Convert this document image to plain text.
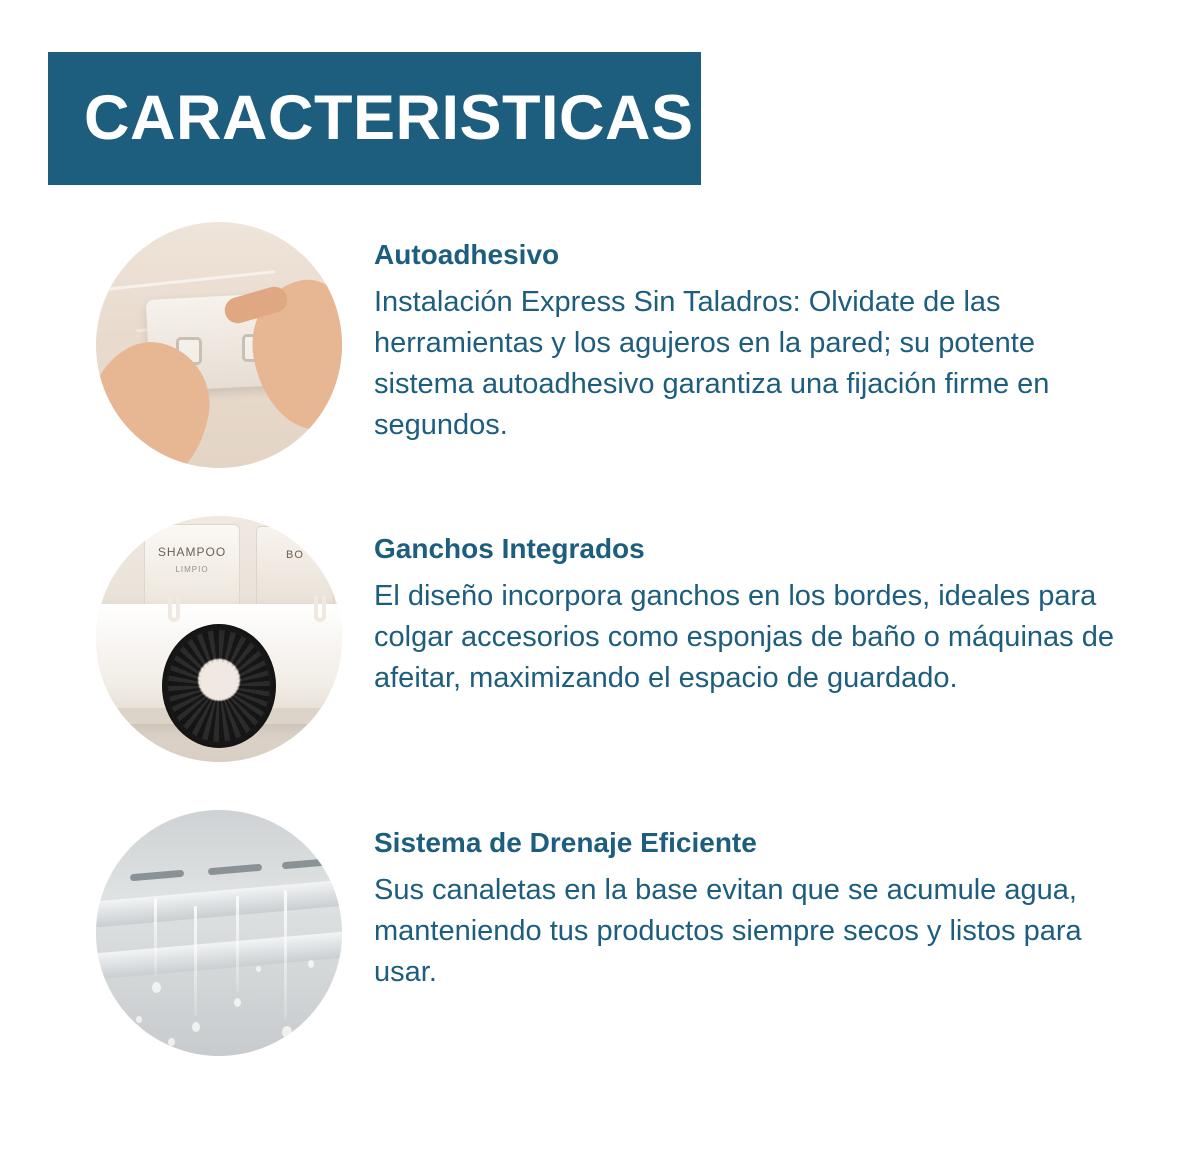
CARACTERISTICAS
Autoadhesivo

Instalación Express Sin Taladros: Olvidate de las herramientas y los agujeros en la pared; su potente sistema autoadhesivo garantiza una fijación firme en segundos.

SHAMPOO
LIMPIO
BO	Ganchos Integrados

El diseño incorpora ganchos en los bordes, ideales para colgar accesorios como esponjas de baño o máquinas de afeitar, maximizando el espacio de guardado.

Sistema de Drenaje Eficiente

Sus canaletas en la base evitan que se acumule agua, manteniendo tus productos siempre secos y listos para usar.
